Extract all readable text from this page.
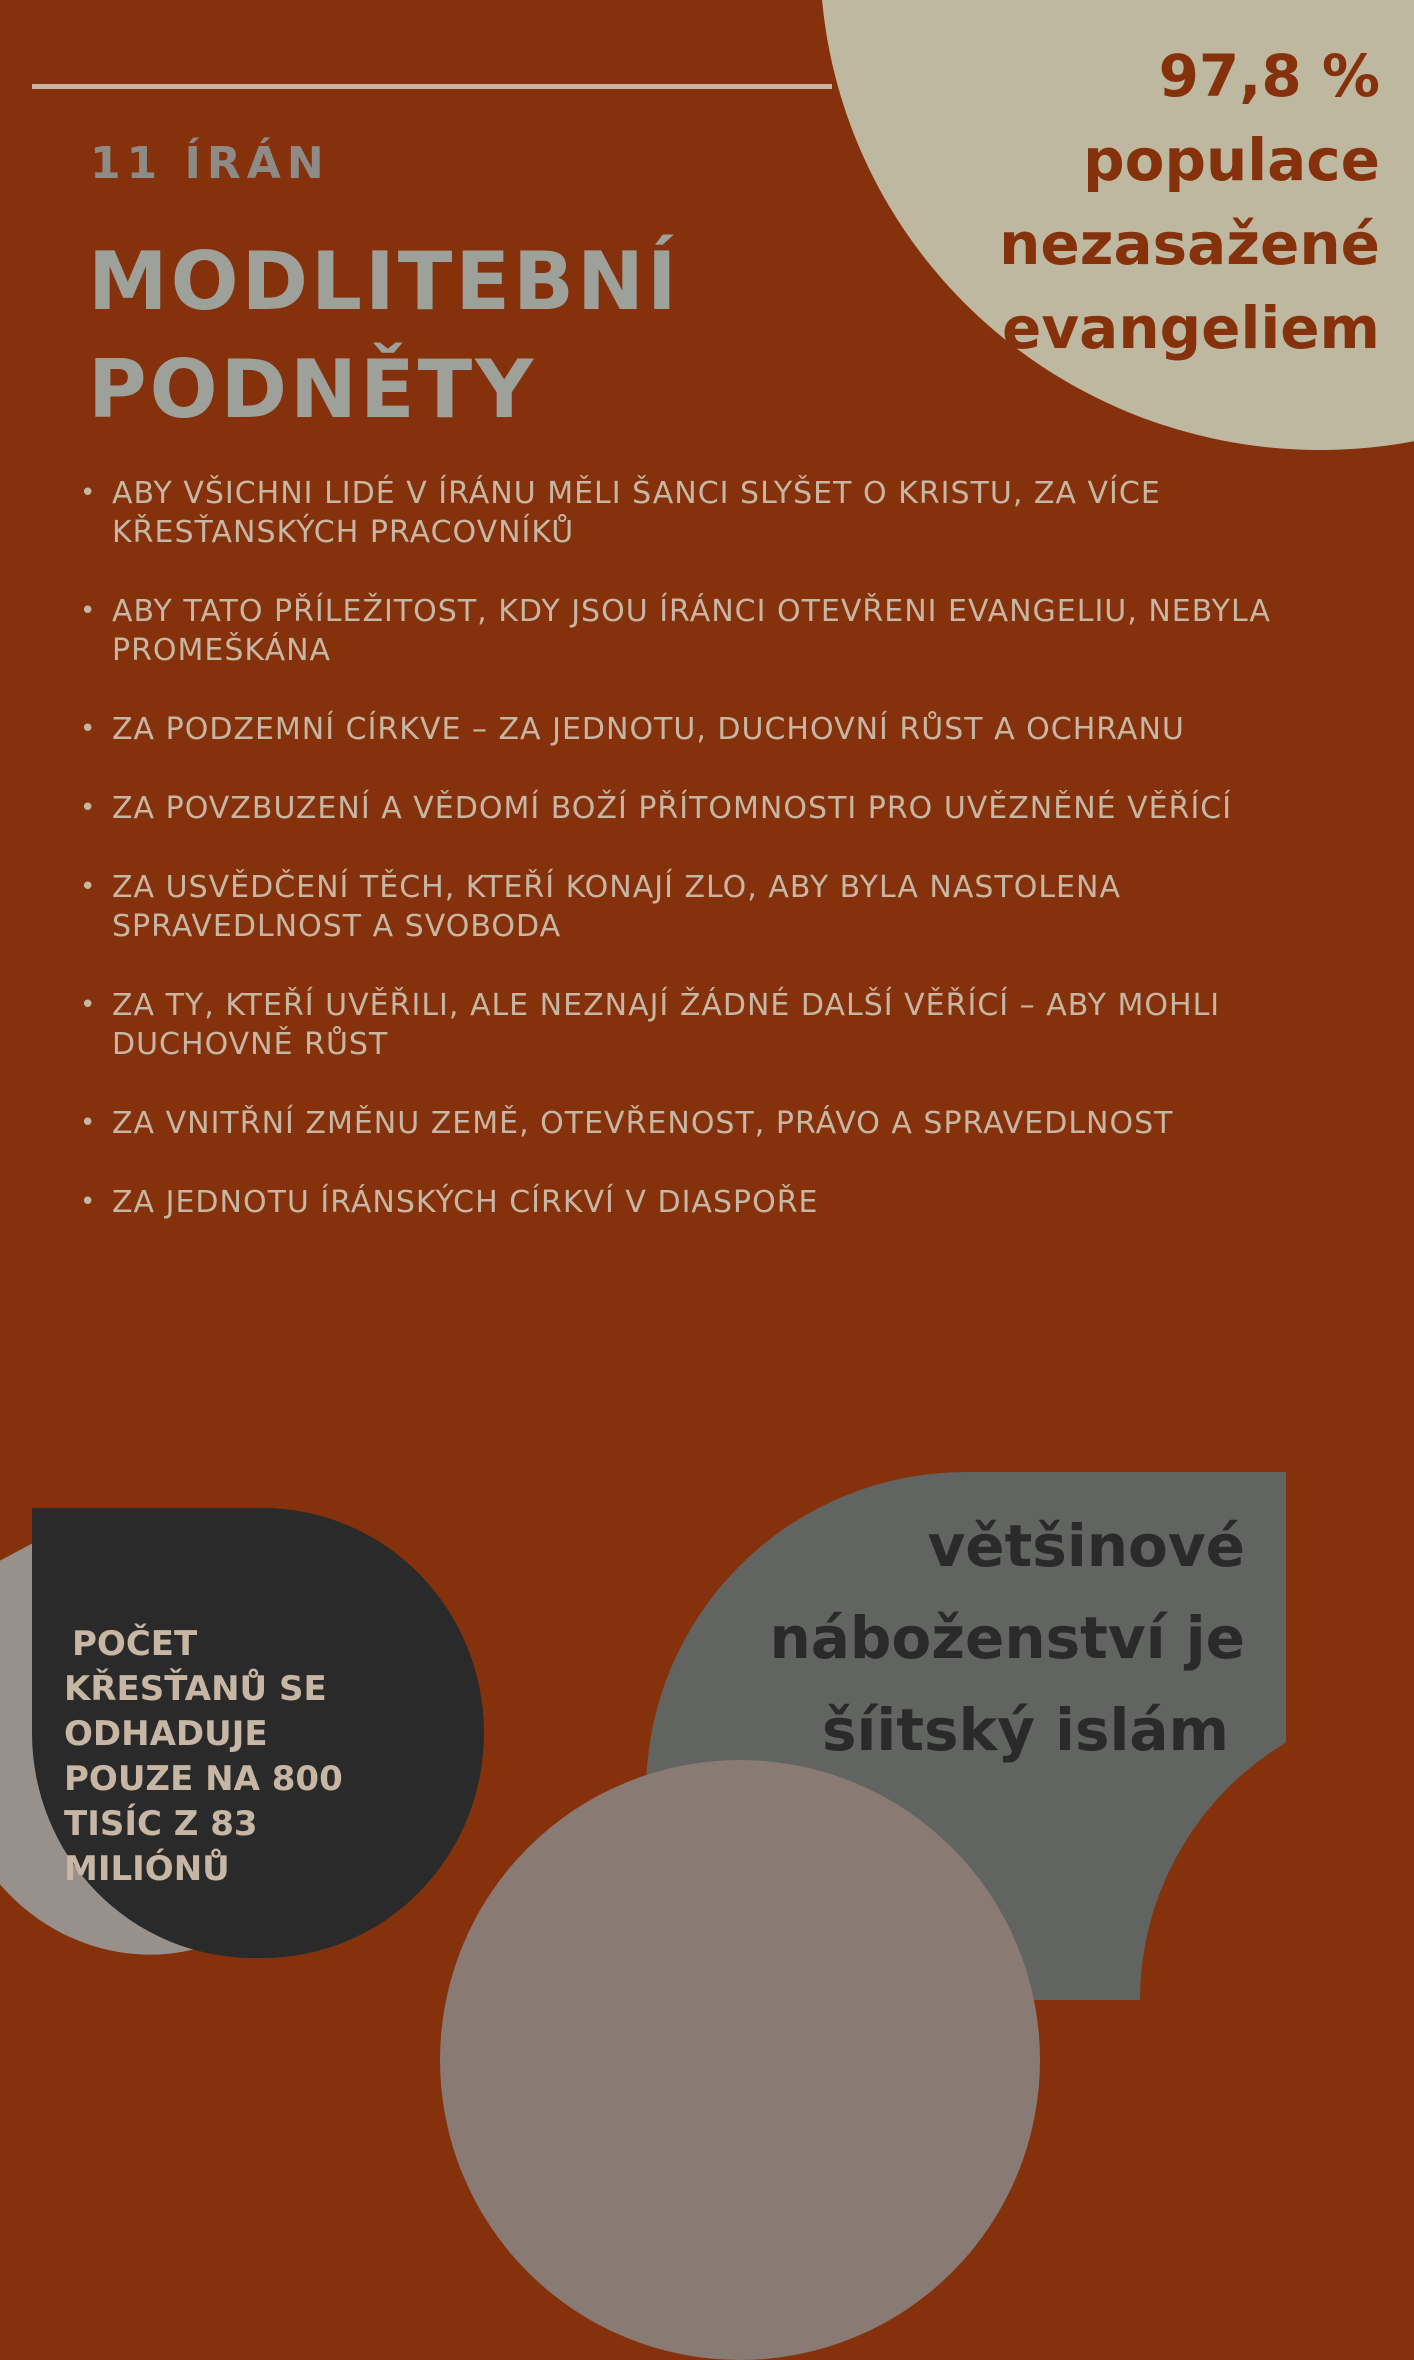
97,8 %
populace
nezasažené
evangeliem
11 ÍRÁN
MODLITEBNÍ
PODNĚTY
• ABY VŠICHNI LIDÉ V ÍRÁNU MĚLI ŠANCI SLYŠET O KRISTU, ZA VÍCE KŘESŤANSKÝCH PRACOVNÍKŮ
• ABY TATO PŘÍLEŽITOST, KDY JSOU ÍRÁNCI OTEVŘENI EVANGELIU, NEBYLA PROMEŠKÁNA
• ZA PODZEMNÍ CÍRKVE – ZA JEDNOTU, DUCHOVNÍ RŮST A OCHRANU
• ZA POVZBUZENÍ A VĚDOMÍ BOŽÍ PŘÍTOMNOSTI PRO UVĚZNĚNÉ VĚŘÍCÍ
• ZA USVĚDČENÍ TĚCH, KTEŘÍ KONAJÍ ZLO, ABY BYLA NASTOLENA SPRAVEDLNOST A SVOBODA
• ZA TY, KTEŘÍ UVĚŘILI, ALE NEZNAJÍ ŽÁDNÉ DALŠÍ VĚŘÍCÍ – ABY MOHLI DUCHOVNĚ RŮST
• ZA VNITŘNÍ ZMĚNU ZEMĚ, OTEVŘENOST, PRÁVO A SPRAVEDLNOST
• ZA JEDNOTU ÍRÁNSKÝCH CÍRKVÍ V DIASPOŘE
POČET
KŘESŤANŮ SE
ODHADUJE
POUZE NA 800
TISÍC Z 83
MILIÓNŮ
většinové
náboženství je
šíitský islám
